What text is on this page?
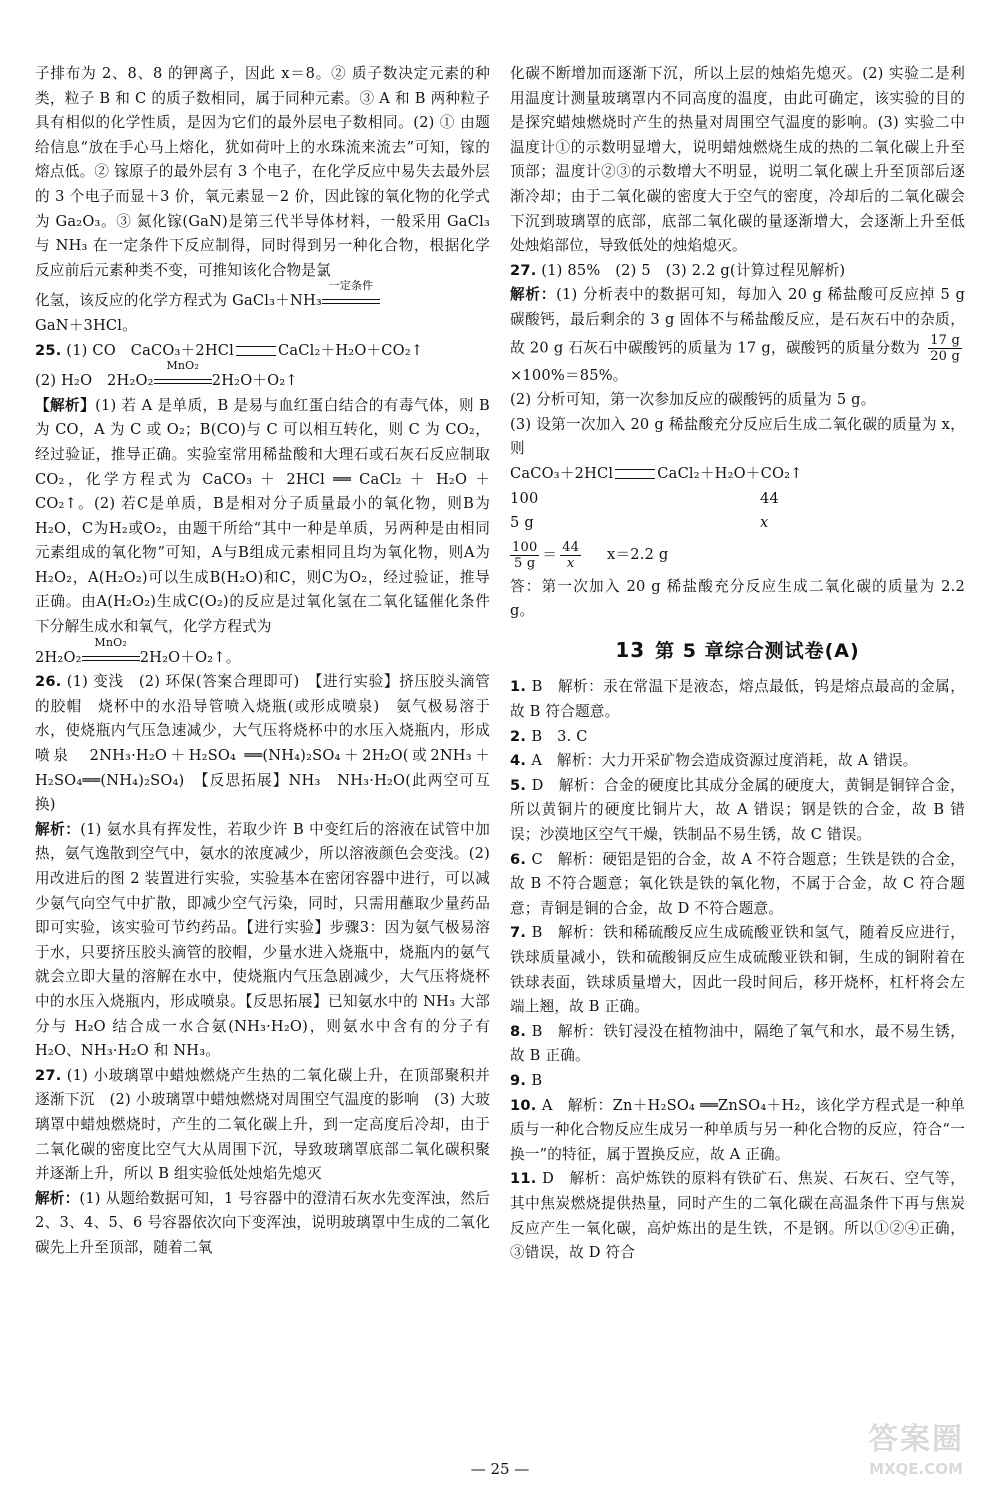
子排布为 2、8、8 的钾离子，因此 x＝8。② 质子数决定元素的种类，粒子 B 和 C 的质子数相同，属于同种元素。③ A 和 B 两种粒子具有相似的化学性质，是因为它们的最外层电子数相同。(2) ① 由题给信息“放在手心马上熔化，犹如荷叶上的水珠流来流去”可知，镓的熔点低。② 镓原子的最外层有 3 个电子，在化学反应中易失去最外层的 3 个电子而显＋3 价，氧元素显－2 价，因此镓的氧化物的化学式为 Ga₂O₃。③ 氮化镓(GaN)是第三代半导体材料，一般采用 GaCl₃ 与 NH₃ 在一定条件下反应制得，同时得到另一种化合物，根据化学反应前后元素种类不变，可推知该化合物是氯

化氢，该反应的化学方程式为 GaCl₃＋NH₃
一定条件

GaN＋3HCl。

25. (1) CO　CaCO₃＋2HCl	CaCl₂＋H₂O＋CO₂↑

(2) H₂O　2H₂O₂
MnO₂
2H₂O＋O₂↑

【解析】(1) 若 A 是单质，B 是易与血红蛋白结合的有毒气体，则 B 为 CO，A 为 C 或 O₂；B(CO)与 C 可以相互转化，则 C 为 CO₂，经过验证，推导正确。实验室常用稀盐酸和大理石或石灰石反应制取 CO₂，化学方程式为 CaCO₃ ＋ 2HCl ══ CaCl₂ ＋ H₂O ＋ CO₂↑。(2) 若C是单质，B是相对分子质量最小的氧化物，则B为H₂O，C为H₂或O₂，由题干所给“其中一种是单质，另两种是由相同元素组成的氧化物”可知，A与B组成元素相同且均为氧化物，则A为H₂O₂，A(H₂O₂)可以生成B(H₂O)和C，则C为O₂，经过验证，推导正确。由A(H₂O₂)生成C(O₂)的反应是过氧化氢在二氧化锰催化条件下分解生成水和氧气，化学方程式为

2H₂O₂
MnO₂
2H₂O＋O₂↑。

26. (1) 变浅　(2) 环保(答案合理即可)　【进行实验】挤压胶头滴管的胶帽　烧杯中的水沿导管喷入烧瓶(或形成喷泉)　氨气极易溶于水，使烧瓶内气压急速减少，大气压将烧杯中的水压入烧瓶内，形成喷泉　2NH₃·H₂O＋H₂SO₄ ══(NH₄)₂SO₄＋2H₂O(或2NH₃＋H₂SO₄══(NH₄)₂SO₄)　【反思拓展】NH₃　NH₃·H₂O(此两空可互换)

解析：(1) 氨水具有挥发性，若取少许 B 中变红后的溶液在试管中加热，氨气逸散到空气中，氨水的浓度减少，所以溶液颜色会变浅。(2) 用改进后的图 2 装置进行实验，实验基本在密闭容器中进行，可以减少氨气向空气中扩散，即减少空气污染，同时，只需用蘸取少量药品即可实验，该实验可节约药品。【进行实验】步骤3：因为氨气极易溶于水，只要挤压胶头滴管的胶帽，少量水进入烧瓶中，烧瓶内的氨气就会立即大量的溶解在水中，使烧瓶内气压急剧减少，大气压将烧杯中的水压入烧瓶内，形成喷泉。【反思拓展】已知氨水中的 NH₃ 大部分与 H₂O 结合成一水合氨(NH₃·H₂O)，则氨水中含有的分子有 H₂O、NH₃·H₂O 和 NH₃。

27. (1) 小玻璃罩中蜡烛燃烧产生热的二氧化碳上升，在顶部聚积并逐渐下沉　(2) 小玻璃罩中蜡烛燃烧对周围空气温度的影响　(3) 大玻璃罩中蜡烛燃烧时，产生的二氧化碳上升，到一定高度后冷却，由于二氧化碳的密度比空气大从周围下沉，导致玻璃罩底部二氧化碳积聚并逐渐上升，所以 B 组实验低处烛焰先熄灭

解析：(1) 从题给数据可知，1 号容器中的澄清石灰水先变浑浊，然后 2、3、4、5、6 号容器依次向下变浑浊，说明玻璃罩中生成的二氧化碳先上升至顶部，随着二氧

化碳不断增加而逐渐下沉，所以上层的烛焰先熄灭。(2) 实验二是利用温度计测量玻璃罩内不同高度的温度，由此可确定，该实验的目的是探究蜡烛燃烧时产生的热量对周围空气温度的影响。(3) 实验二中温度计①的示数明显增大，说明蜡烛燃烧生成的热的二氧化碳上升至顶部；温度计②③的示数增大不明显，说明二氧化碳上升至顶部后逐渐冷却；由于二氧化碳的密度大于空气的密度，冷却后的二氧化碳会下沉到玻璃罩的底部，底部二氧化碳的量逐渐增大，会逐渐上升至低处烛焰部位，导致低处的烛焰熄灭。

27. (1) 85%　(2) 5　(3) 2.2 g(计算过程见解析)

解析：(1) 分析表中的数据可知，每加入 20 g 稀盐酸可反应掉 5 g 碳酸钙，最后剩余的 3 g 固体不与稀盐酸反应，是石灰石中的杂质，故 20 g 石灰石中碳酸钙的质量为 17 g，碳酸钙的质量分数为 $\frac{17 g}{20 g}$
×100%＝85%。

(2) 分析可知，第一次参加反应的碳酸钙的质量为 5 g。

(3) 设第一次加入 20 g 稀盐酸充分反应后生成二氧化碳的质量为 x，则

CaCO₃＋2HCl	CaCl₂＋H₂O＋CO₂↑

100	44
5 g	x

$\frac{100}{5 g} = \frac{44}{x} x=2.2$ g

答：第一次加入 20 g 稀盐酸充分反应生成二氧化碳的质量为 2.2 g。

13 第 5 章综合测试卷(A)

1. B　解析：汞在常温下是液态，熔点最低，钨是熔点最高的金属，故 B 符合题意。

2. B　3. C

4. A　解析：大力开采矿物会造成资源过度消耗，故 A 错误。

5. D　解析：合金的硬度比其成分金属的硬度大，黄铜是铜锌合金，所以黄铜片的硬度比铜片大，故 A 错误；钢是铁的合金，故 B 错误；沙漠地区空气干燥，铁制品不易生锈，故 C 错误。

6. C　解析：硬铝是铝的合金，故 A 不符合题意；生铁是铁的合金，故 B 不符合题意；氧化铁是铁的氧化物，不属于合金，故 C 符合题意；青铜是铜的合金，故 D 不符合题意。

7. B　解析：铁和稀硫酸反应生成硫酸亚铁和氢气，随着反应进行，铁球质量减小，铁和硫酸铜反应生成硫酸亚铁和铜，生成的铜附着在铁球表面，铁球质量增大，因此一段时间后，移开烧杯，杠杆将会左端上翘，故 B 正确。

8. B　解析：铁钉浸没在植物油中，隔绝了氧气和水，最不易生锈，故 B 正确。

9. B

10. A　解析：Zn＋H₂SO₄ ══ZnSO₄＋H₂，该化学方程式是一种单质与一种化合物反应生成另一种单质与另一种化合物的反应，符合“一换一”的特征，属于置换反应，故 A 正确。

11. D　解析：高炉炼铁的原料有铁矿石、焦炭、石灰石、空气等，其中焦炭燃烧提供热量，同时产生的二氧化碳在高温条件下再与焦炭反应产生一氧化碳，高炉炼出的是生铁，不是钢。所以①②④正确，③错误，故 D 符合

— 25 —
答案圈
MXQE.COM
